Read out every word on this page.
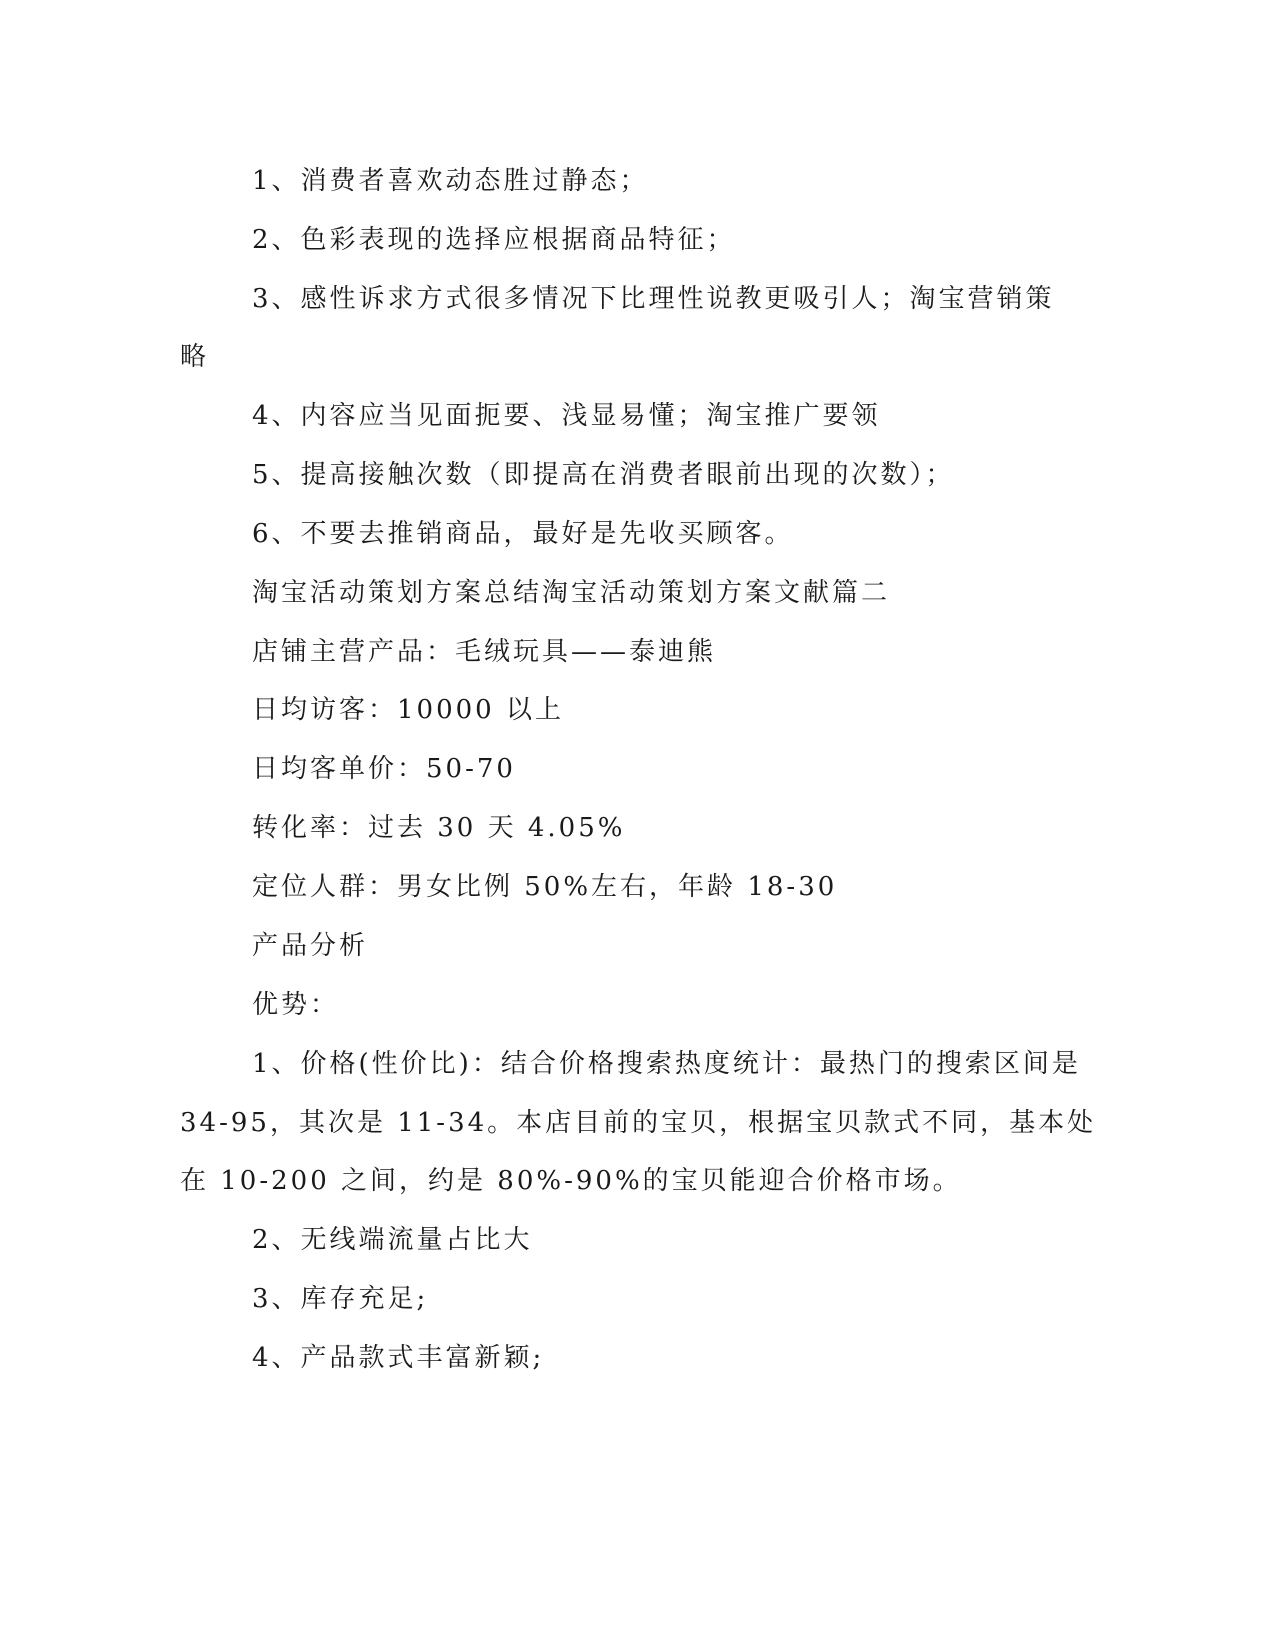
1、消费者喜欢动态胜过静态；
2、色彩表现的选择应根据商品特征；
3、感性诉求方式很多情况下比理性说教更吸引人；淘宝营销策
略
4、内容应当见面扼要、浅显易懂；淘宝推广要领
5、提高接触次数（即提高在消费者眼前出现的次数）；
6、不要去推销商品，最好是先收买顾客。
淘宝活动策划方案总结淘宝活动策划方案文献篇二
店铺主营产品：毛绒玩具——泰迪熊
日均访客：10000 以上
日均客单价：50-70
转化率：过去 30 天 4.05%
定位人群：男女比例 50%左右，年龄 18-30
产品分析
优势：
1、价格(性价比)：结合价格搜索热度统计：最热门的搜索区间是
34-95，其次是 11-34。本店目前的宝贝，根据宝贝款式不同，基本处
在 10-200 之间，约是 80%-90%的宝贝能迎合价格市场。
2、无线端流量占比大
3、库存充足;
4、产品款式丰富新颖;
